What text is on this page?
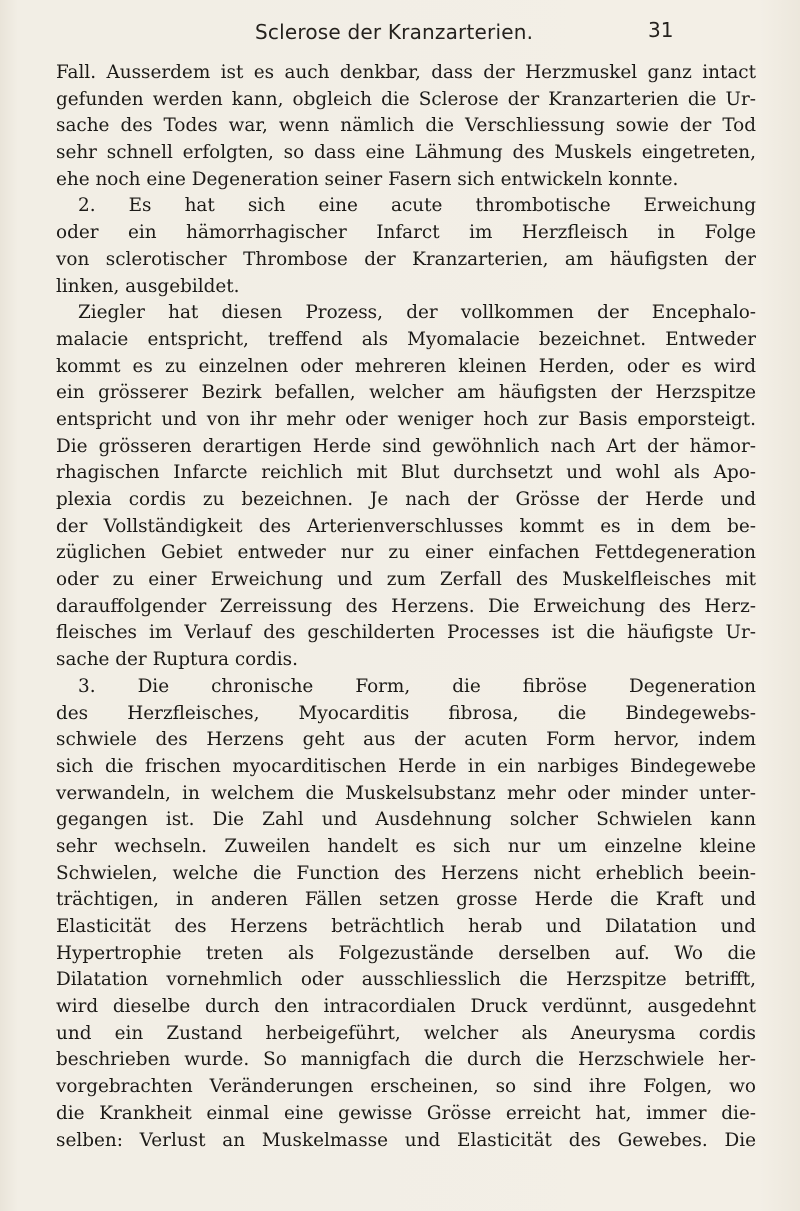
Sclerose der Kranzarterien.	31
Fall. Ausserdem ist es auch denkbar, dass der Herzmuskel ganz intact
gefunden werden kann, obgleich die Sclerose der Kranzarterien die Ur-
sache des Todes war, wenn nämlich die Verschliessung sowie der Tod
sehr schnell erfolgten, so dass eine Lähmung des Muskels eingetreten,
ehe noch eine Degeneration seiner Fasern sich entwickeln konnte.
2. Es hat sich eine acute thrombotische Erweichung
oder ein hämorrhagischer Infarct im Herzfleisch in Folge
von sclerotischer Thrombose der Kranzarterien, am häufigsten der
linken, ausgebildet.
Ziegler hat diesen Prozess, der vollkommen der Encephalo-
malacie entspricht, treffend als Myomalacie bezeichnet. Entweder
kommt es zu einzelnen oder mehreren kleinen Herden, oder es wird
ein grösserer Bezirk befallen, welcher am häufigsten der Herzspitze
entspricht und von ihr mehr oder weniger hoch zur Basis emporsteigt.
Die grösseren derartigen Herde sind gewöhnlich nach Art der hämor-
rhagischen Infarcte reichlich mit Blut durchsetzt und wohl als Apo-
plexia cordis zu bezeichnen. Je nach der Grösse der Herde und
der Vollständigkeit des Arterienverschlusses kommt es in dem be-
züglichen Gebiet entweder nur zu einer einfachen Fettdegeneration
oder zu einer Erweichung und zum Zerfall des Muskelfleisches mit
darauffolgender Zerreissung des Herzens. Die Erweichung des Herz-
fleisches im Verlauf des geschilderten Processes ist die häufigste Ur-
sache der Ruptura cordis.
3. Die chronische Form, die fibröse Degeneration
des Herzfleisches, Myocarditis fibrosa, die Bindegewebs-
schwiele des Herzens geht aus der acuten Form hervor, indem
sich die frischen myocarditischen Herde in ein narbiges Bindegewebe
verwandeln, in welchem die Muskelsubstanz mehr oder minder unter-
gegangen ist. Die Zahl und Ausdehnung solcher Schwielen kann
sehr wechseln. Zuweilen handelt es sich nur um einzelne kleine
Schwielen, welche die Function des Herzens nicht erheblich beein-
trächtigen, in anderen Fällen setzen grosse Herde die Kraft und
Elasticität des Herzens beträchtlich herab und Dilatation und
Hypertrophie treten als Folgezustände derselben auf. Wo die
Dilatation vornehmlich oder ausschliesslich die Herzspitze betrifft,
wird dieselbe durch den intracordialen Druck verdünnt, ausgedehnt
und ein Zustand herbeigeführt, welcher als Aneurysma cordis
beschrieben wurde. So mannigfach die durch die Herzschwiele her-
vorgebrachten Veränderungen erscheinen, so sind ihre Folgen, wo
die Krankheit einmal eine gewisse Grösse erreicht hat, immer die-
selben: Verlust an Muskelmasse und Elasticität des Gewebes. Die
